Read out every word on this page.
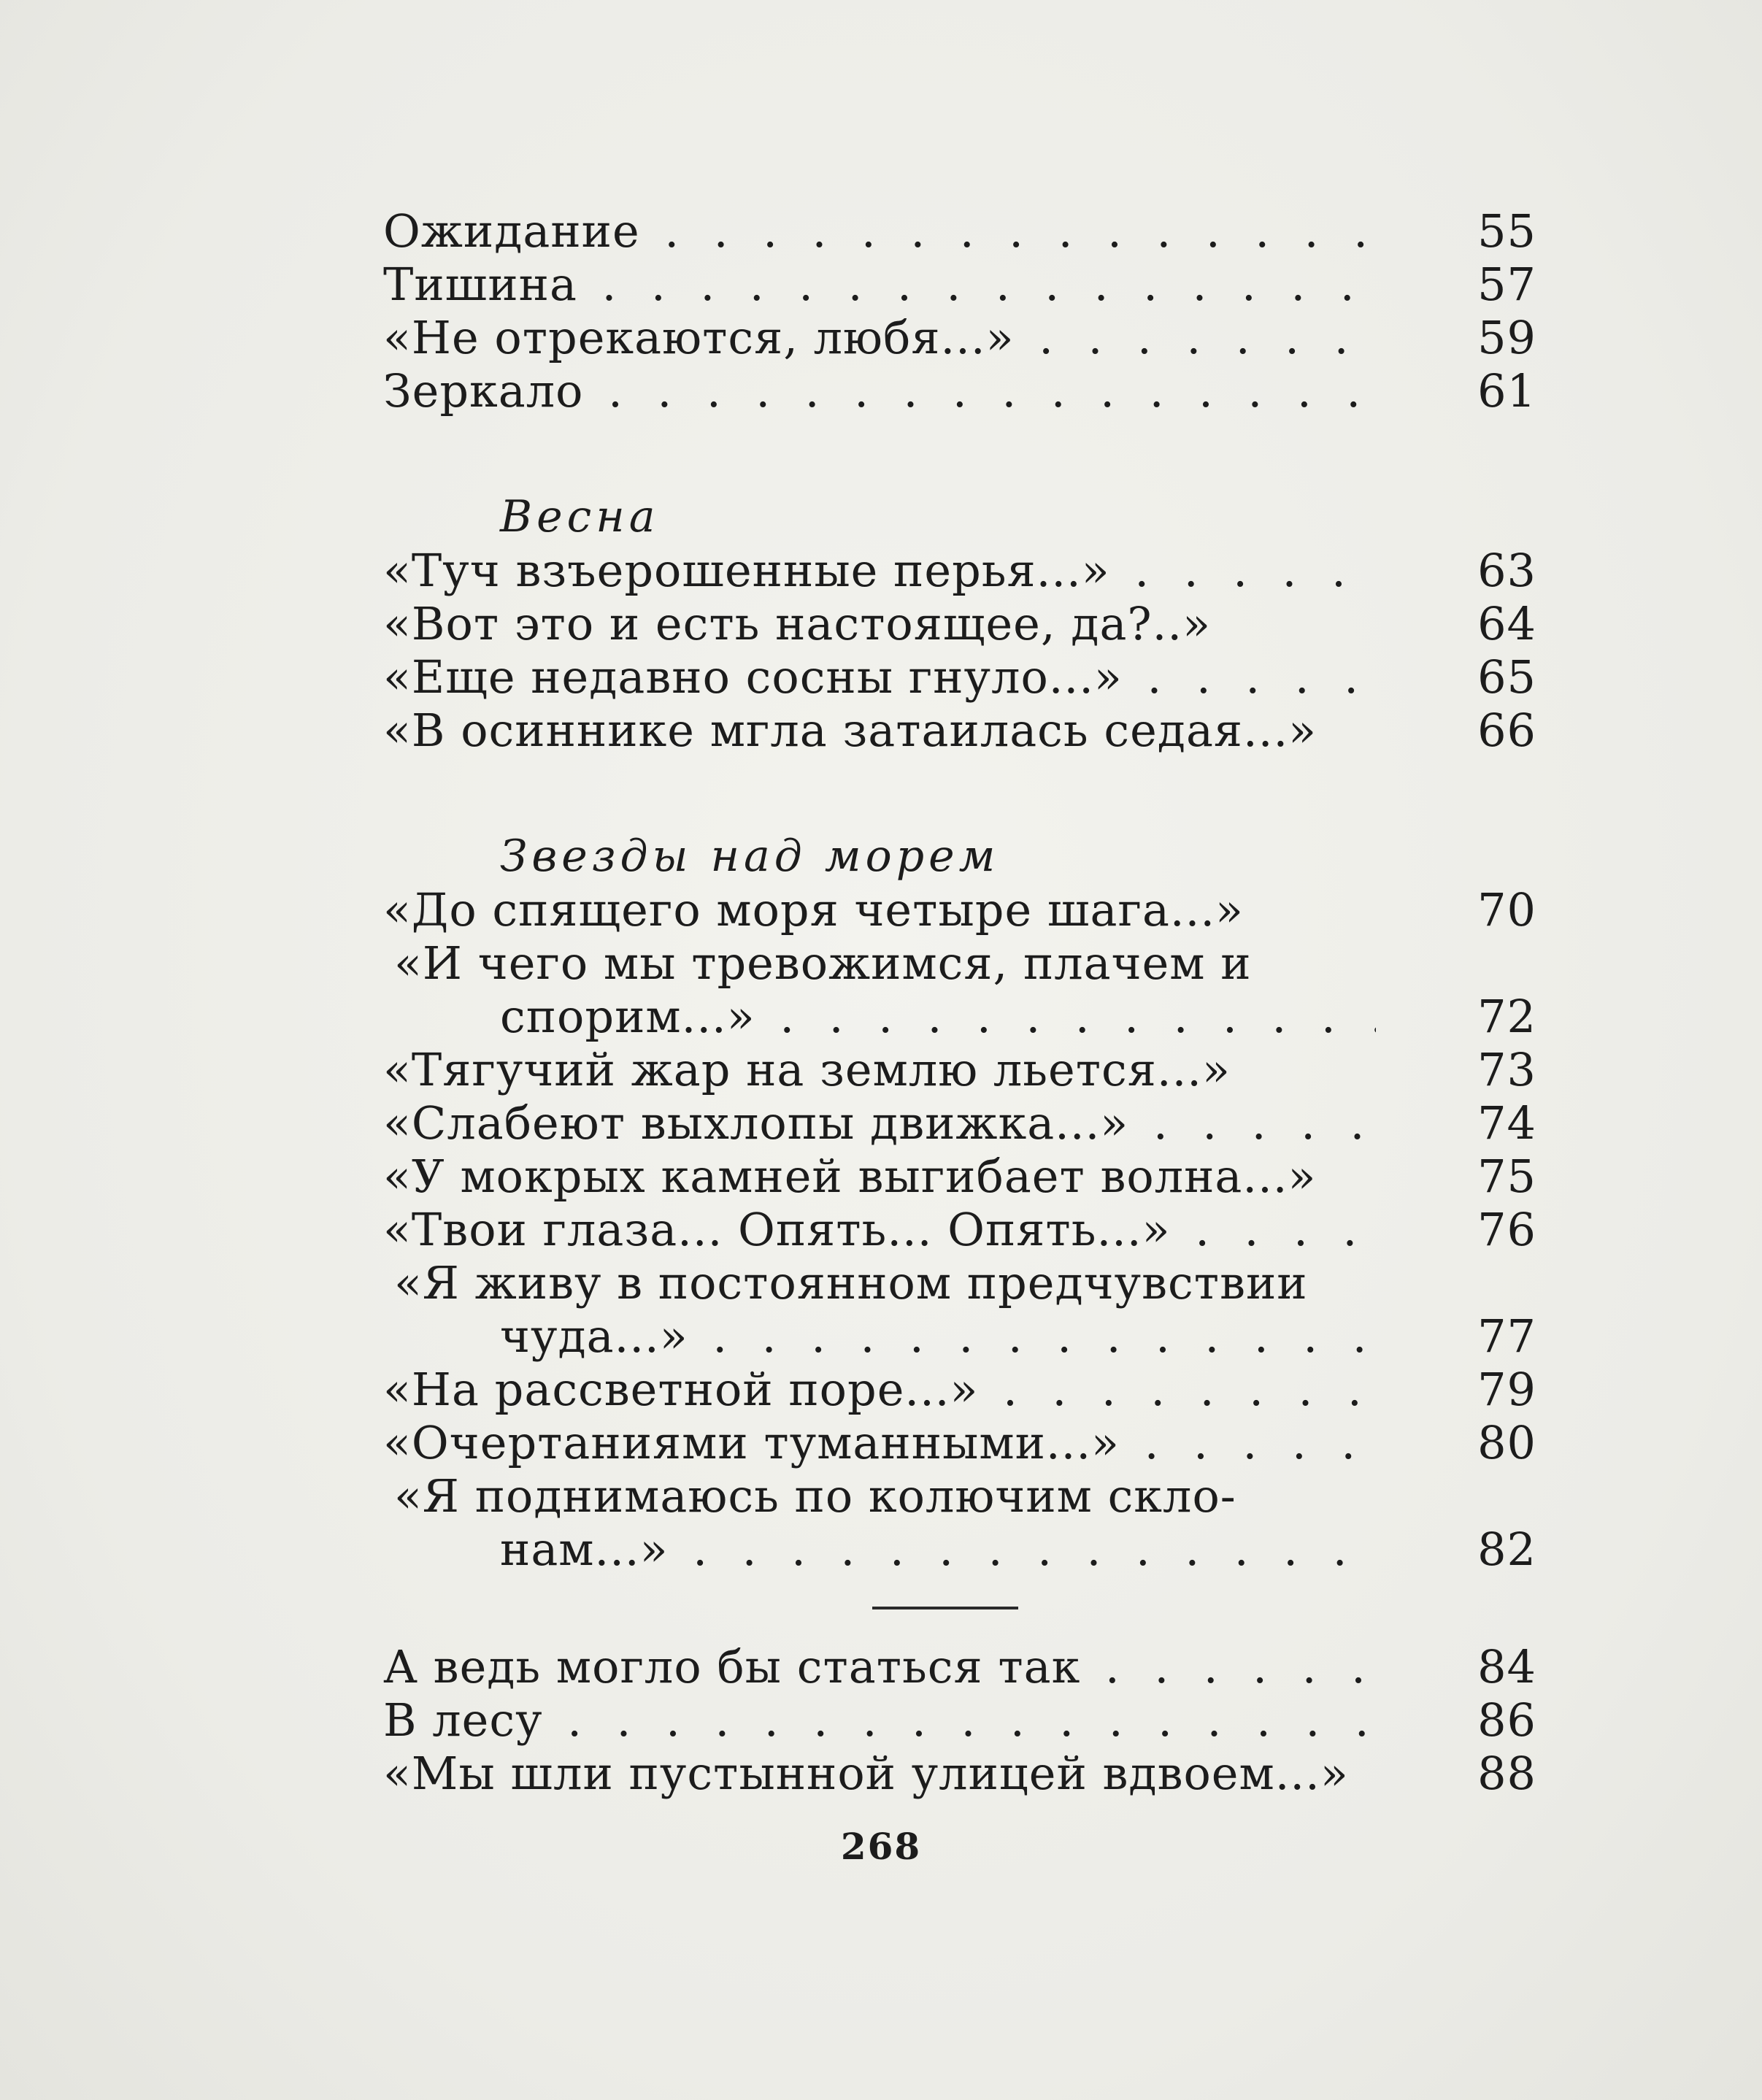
Ожидание . . .	55
Тишина . . .	57
«Не отрекаются, любя...» . . .	59
Зеркало . . .	61
Весна
«Туч взъерошенные перья...» . . .	63
«Вот это и есть настоящее, да?..»	64
«Еще недавно сосны гнуло...» . . .	65
«В осиннике мгла затаилась седая...»	66
Звезды над морем
«До спящего моря четыре шага...»	70
«И чего мы тревожимся, плачем и
спорим...» . . .	72
«Тягучий жар на землю льется...»	73
«Слабеют выхлопы движка...» . . .	74
«У мокрых камней выгибает волна...»	75
«Твои глаза... Опять... Опять...» . . .	76
«Я живу в постоянном предчувствии
чуда...» . . .	77
«На рассветной поре...» . . .	79
«Очертаниями туманными...» . . .	80
«Я поднимаюсь по колючим скло-
нам...» . . .	82
А ведь могло бы статься так . . .	84
В лесу . . .	86
«Мы шли пустынной улицей вдвоем...»	88
268
